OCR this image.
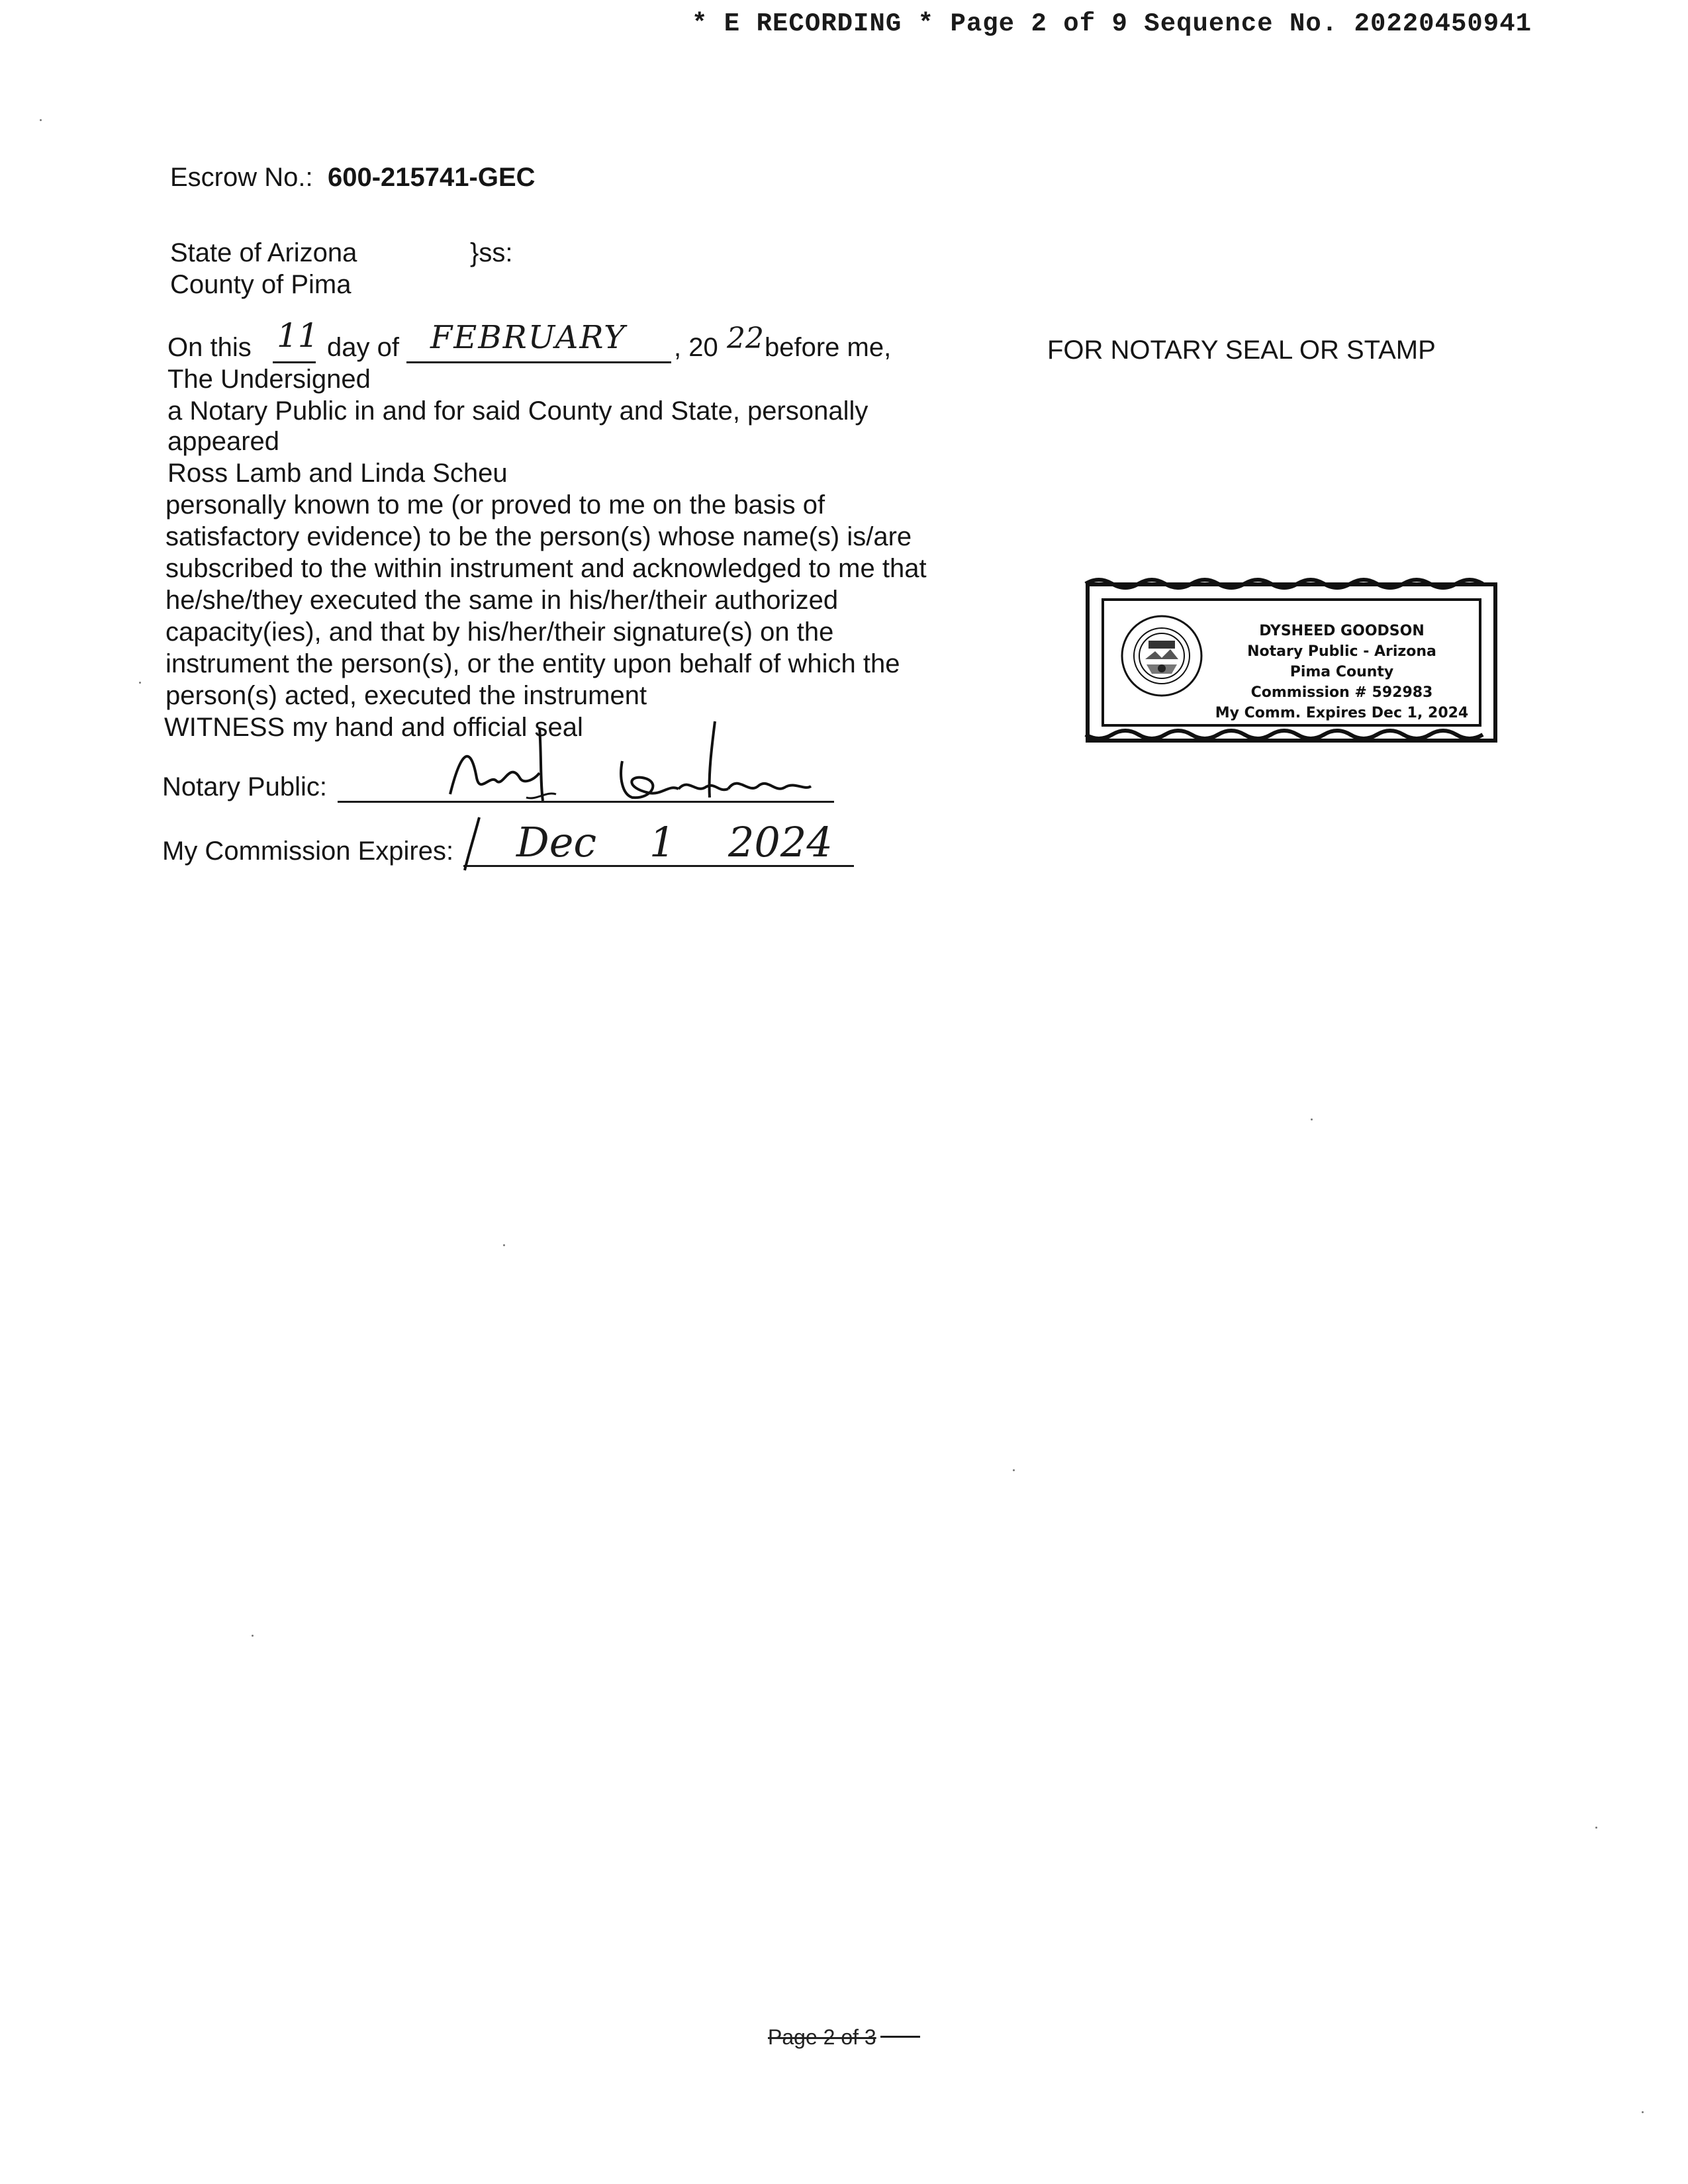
* E RECORDING * Page 2 of 9 Sequence No. 20220450941
Escrow No.: 600-215741-GEC
State of Arizona	}ss:
County of Pima
On this 11 day of FEBRUARY , 20 22 before me,
The Undersigned
a Notary Public in and for said County and State, personally
appeared
Ross Lamb and Linda Scheu
personally known to me (or proved to me on the basis of
satisfactory evidence) to be the person(s) whose name(s) is/are
subscribed to the within instrument and acknowledged to me that
he/she/they executed the same in his/her/their authorized
capacity(ies), and that by his/her/their signature(s) on the
instrument the person(s), or the entity upon behalf of which the
person(s) acted, executed the instrument
WITNESS my hand and official seal
Notary Public:
My Commission Expires: Dec 1 2024
FOR NOTARY SEAL OR STAMP
DYSHEED GOODSON
Notary Public - Arizona
Pima County
Commission # 592983
My Comm. Expires Dec 1, 2024
Page 2 of 3
